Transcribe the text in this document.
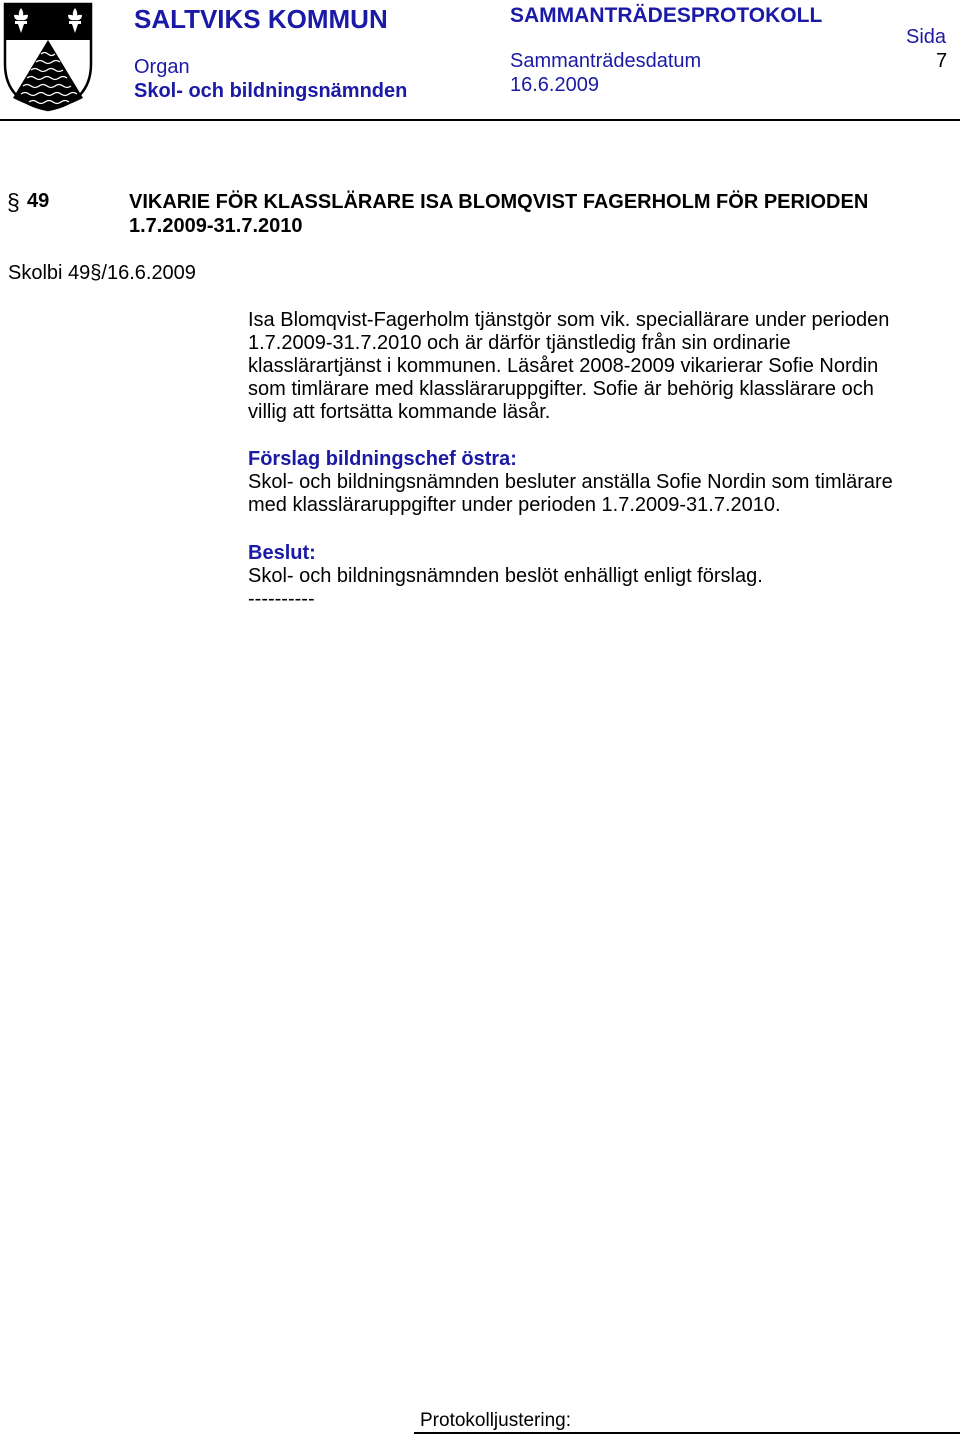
SALTVIKS KOMMUN	SAMMANTRÄDESPROTOKOLL
Sida
7
Organ	Sammanträdesdatum
Skol- och bildningsnämnden	16.6.2009
§ 49	VIKARIE FÖR KLASSLÄRARE ISA BLOMQVIST FAGERHOLM FÖR PERIODEN
1.7.2009-31.7.2010
Skolbi 49§/16.6.2009
Isa Blomqvist-Fagerholm tjänstgör som vik. speciallärare under perioden
1.7.2009-31.7.2010 och är därför tjänstledig från sin ordinarie
klasslärartjänst i kommunen. Läsåret 2008-2009 vikarierar Sofie Nordin
som timlärare med klassläraruppgifter. Sofie är behörig klasslärare och
villig att fortsätta kommande läsår.
Förslag bildningschef östra:
Skol- och bildningsnämnden besluter anställa Sofie Nordin som timlärare
med klassläraruppgifter under perioden 1.7.2009-31.7.2010.
Beslut:
Skol- och bildningsnämnden beslöt enhälligt enligt förslag.
----------
Protokolljustering:
